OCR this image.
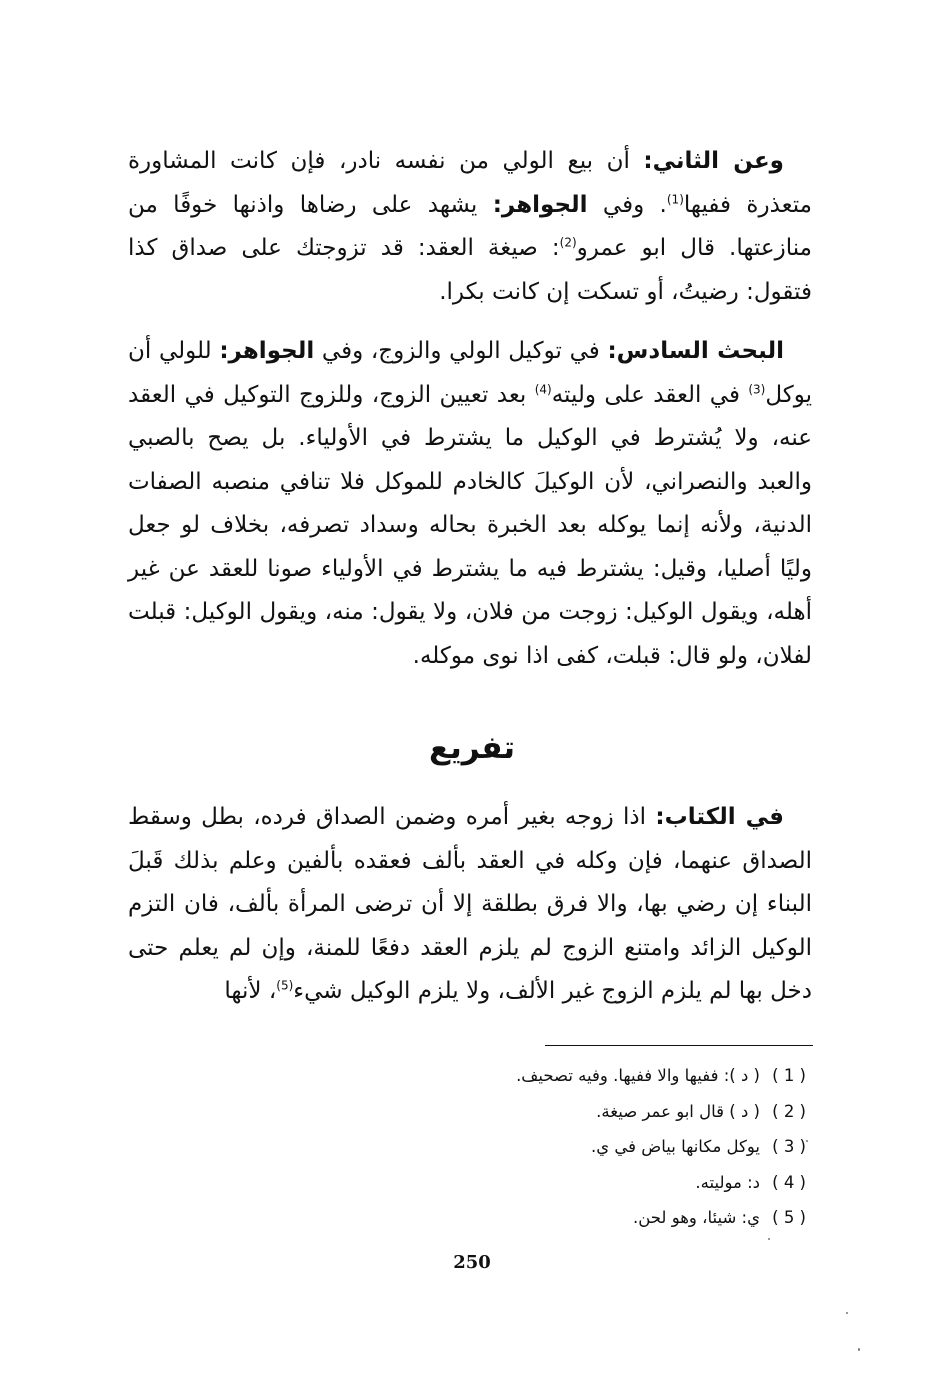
وعن الثاني: أن بيع الولي من نفسه نادر، فإن كانت المشاورة متعذرة ففيها$^{(1)}$. وفي الجواهر: يشهد على رضاها واذنها خوفًا من منازعتها. قال ابو عمرو$^{(2)}$: صيغة العقد: قد تزوجتك على صداق كذا فتقول: رضيتُ، أو تسكت إن كانت بكرا.

البحث السادس: في توكيل الولي والزوج، وفي الجواهر: للولي أن يوكل$^{(3)}$ في العقد على وليته$^{(4)}$ بعد تعيين الزوج، وللزوج التوكيل في العقد عنه، ولا يُشترط في الوكيل ما يشترط في الأولياء. بل يصح بالصبي والعبد والنصراني، لأن الوكيلَ كالخادم للموكل فلا تنافي منصبه الصفات الدنية، ولأنه إنما يوكله بعد الخبرة بحاله وسداد تصرفه، بخلاف لو جعل وليًا أصليا، وقيل: يشترط فيه ما يشترط في الأولياء صونا للعقد عن غير أهله، ويقول الوكيل: زوجت من فلان، ولا يقول: منه، ويقول الوكيل: قبلت لفلان، ولو قال: قبلت، كفى اذا نوى موكله.

تفريع

في الكتاب: اذا زوجه بغير أمره وضمن الصداق فرده، بطل وسقط الصداق عنهما، فإن وكله في العقد بألف فعقده بألفين وعلم بذلك قَبلَ البناء إن رضي بها، والا فرق بطلقة إلا أن ترضى المرأة بألف، فان التزم الوكيل الزائد وامتنع الزوج لم يلزم العقد دفعًا للمنة، وإن لم يعلم حتى دخل بها لم يلزم الزوج غير الألف، ولا يلزم الوكيل شيء$^{(5)}$، لأنها

( 1 )( د ): ففيها والا ففيها. وفيه تصحيف.
( 2 )( د ) قال ابو عمر صيغة.
( 3 )يوكل مكانها بياض في ي.
( 4 )د: موليته.
( 5 )ي: شيئا، وهو لحن.
250
